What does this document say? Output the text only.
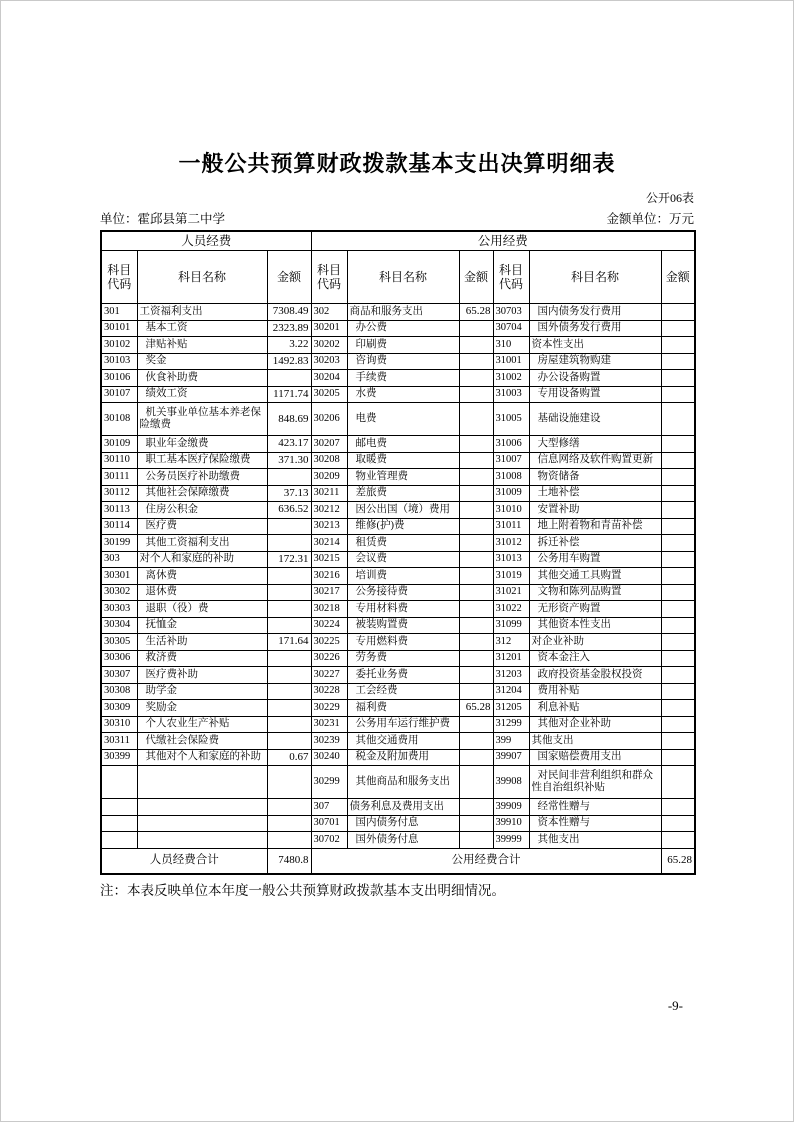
一般公共预算财政拨款基本支出决算明细表
公开06表
单位：霍邱县第二中学	金额单位：万元
人员经费			公用经费					
科目代码	科目名称	金额	科目代码	科目名称	金额	科目代码	科目名称	金额
301	工资福利支出	7308.49	302	商品和服务支出	65.28	30703	国内债务发行费用	
30101	基本工资	2323.89	30201	办公费		30704	国外债务发行费用	
30102	津贴补贴	3.22	30202	印刷费		310	资本性支出	
30103	奖金	1492.83	30203	咨询费		31001	房屋建筑物购建	
30106	伙食补助费		30204	手续费		31002	办公设备购置	
30107	绩效工资	1171.74	30205	水费		31003	专用设备购置	
30108	机关事业单位基本养老保险缴费	848.69	30206	电费		31005	基础设施建设	
30109	职业年金缴费	423.17	30207	邮电费		31006	大型修缮	
30110	职工基本医疗保险缴费	371.30	30208	取暖费		31007	信息网络及软件购置更新	
30111	公务员医疗补助缴费		30209	物业管理费		31008	物资储备	
30112	其他社会保障缴费	37.13	30211	差旅费		31009	土地补偿	
30113	住房公积金	636.52	30212	因公出国（境）费用		31010	安置补助	
30114	医疗费		30213	维修(护)费		31011	地上附着物和青苗补偿	
30199	其他工资福利支出		30214	租赁费		31012	拆迁补偿	
303	对个人和家庭的补助	172.31	30215	会议费		31013	公务用车购置	
30301	离休费		30216	培训费		31019	其他交通工具购置	
30302	退休费		30217	公务接待费		31021	文物和陈列品购置	
30303	退职（役）费		30218	专用材料费		31022	无形资产购置	
30304	抚恤金		30224	被装购置费		31099	其他资本性支出	
30305	生活补助	171.64	30225	专用燃料费		312	对企业补助	
30306	救济费		30226	劳务费		31201	资本金注入	
30307	医疗费补助		30227	委托业务费		31203	政府投资基金股权投资	
30308	助学金		30228	工会经费		31204	费用补贴	
30309	奖励金		30229	福利费	65.28	31205	利息补贴	
30310	个人农业生产补贴		30231	公务用车运行维护费		31299	其他对企业补助	
30311	代缴社会保险费		30239	其他交通费用		399	其他支出	
30399	其他对个人和家庭的补助	0.67	30240	税金及附加费用		39907	国家赔偿费用支出	
			30299	其他商品和服务支出		39908	对民间非营利组织和群众性自治组织补贴	
			307	债务利息及费用支出		39909	经常性赠与	
			30701	国内债务付息		39910	资本性赠与	
			30702	国外债务付息		39999	其他支出	
人员经费合计		7480.8	公用经费合计					65.28
注：本表反映单位本年度一般公共预算财政拨款基本支出明细情况。
-9-
